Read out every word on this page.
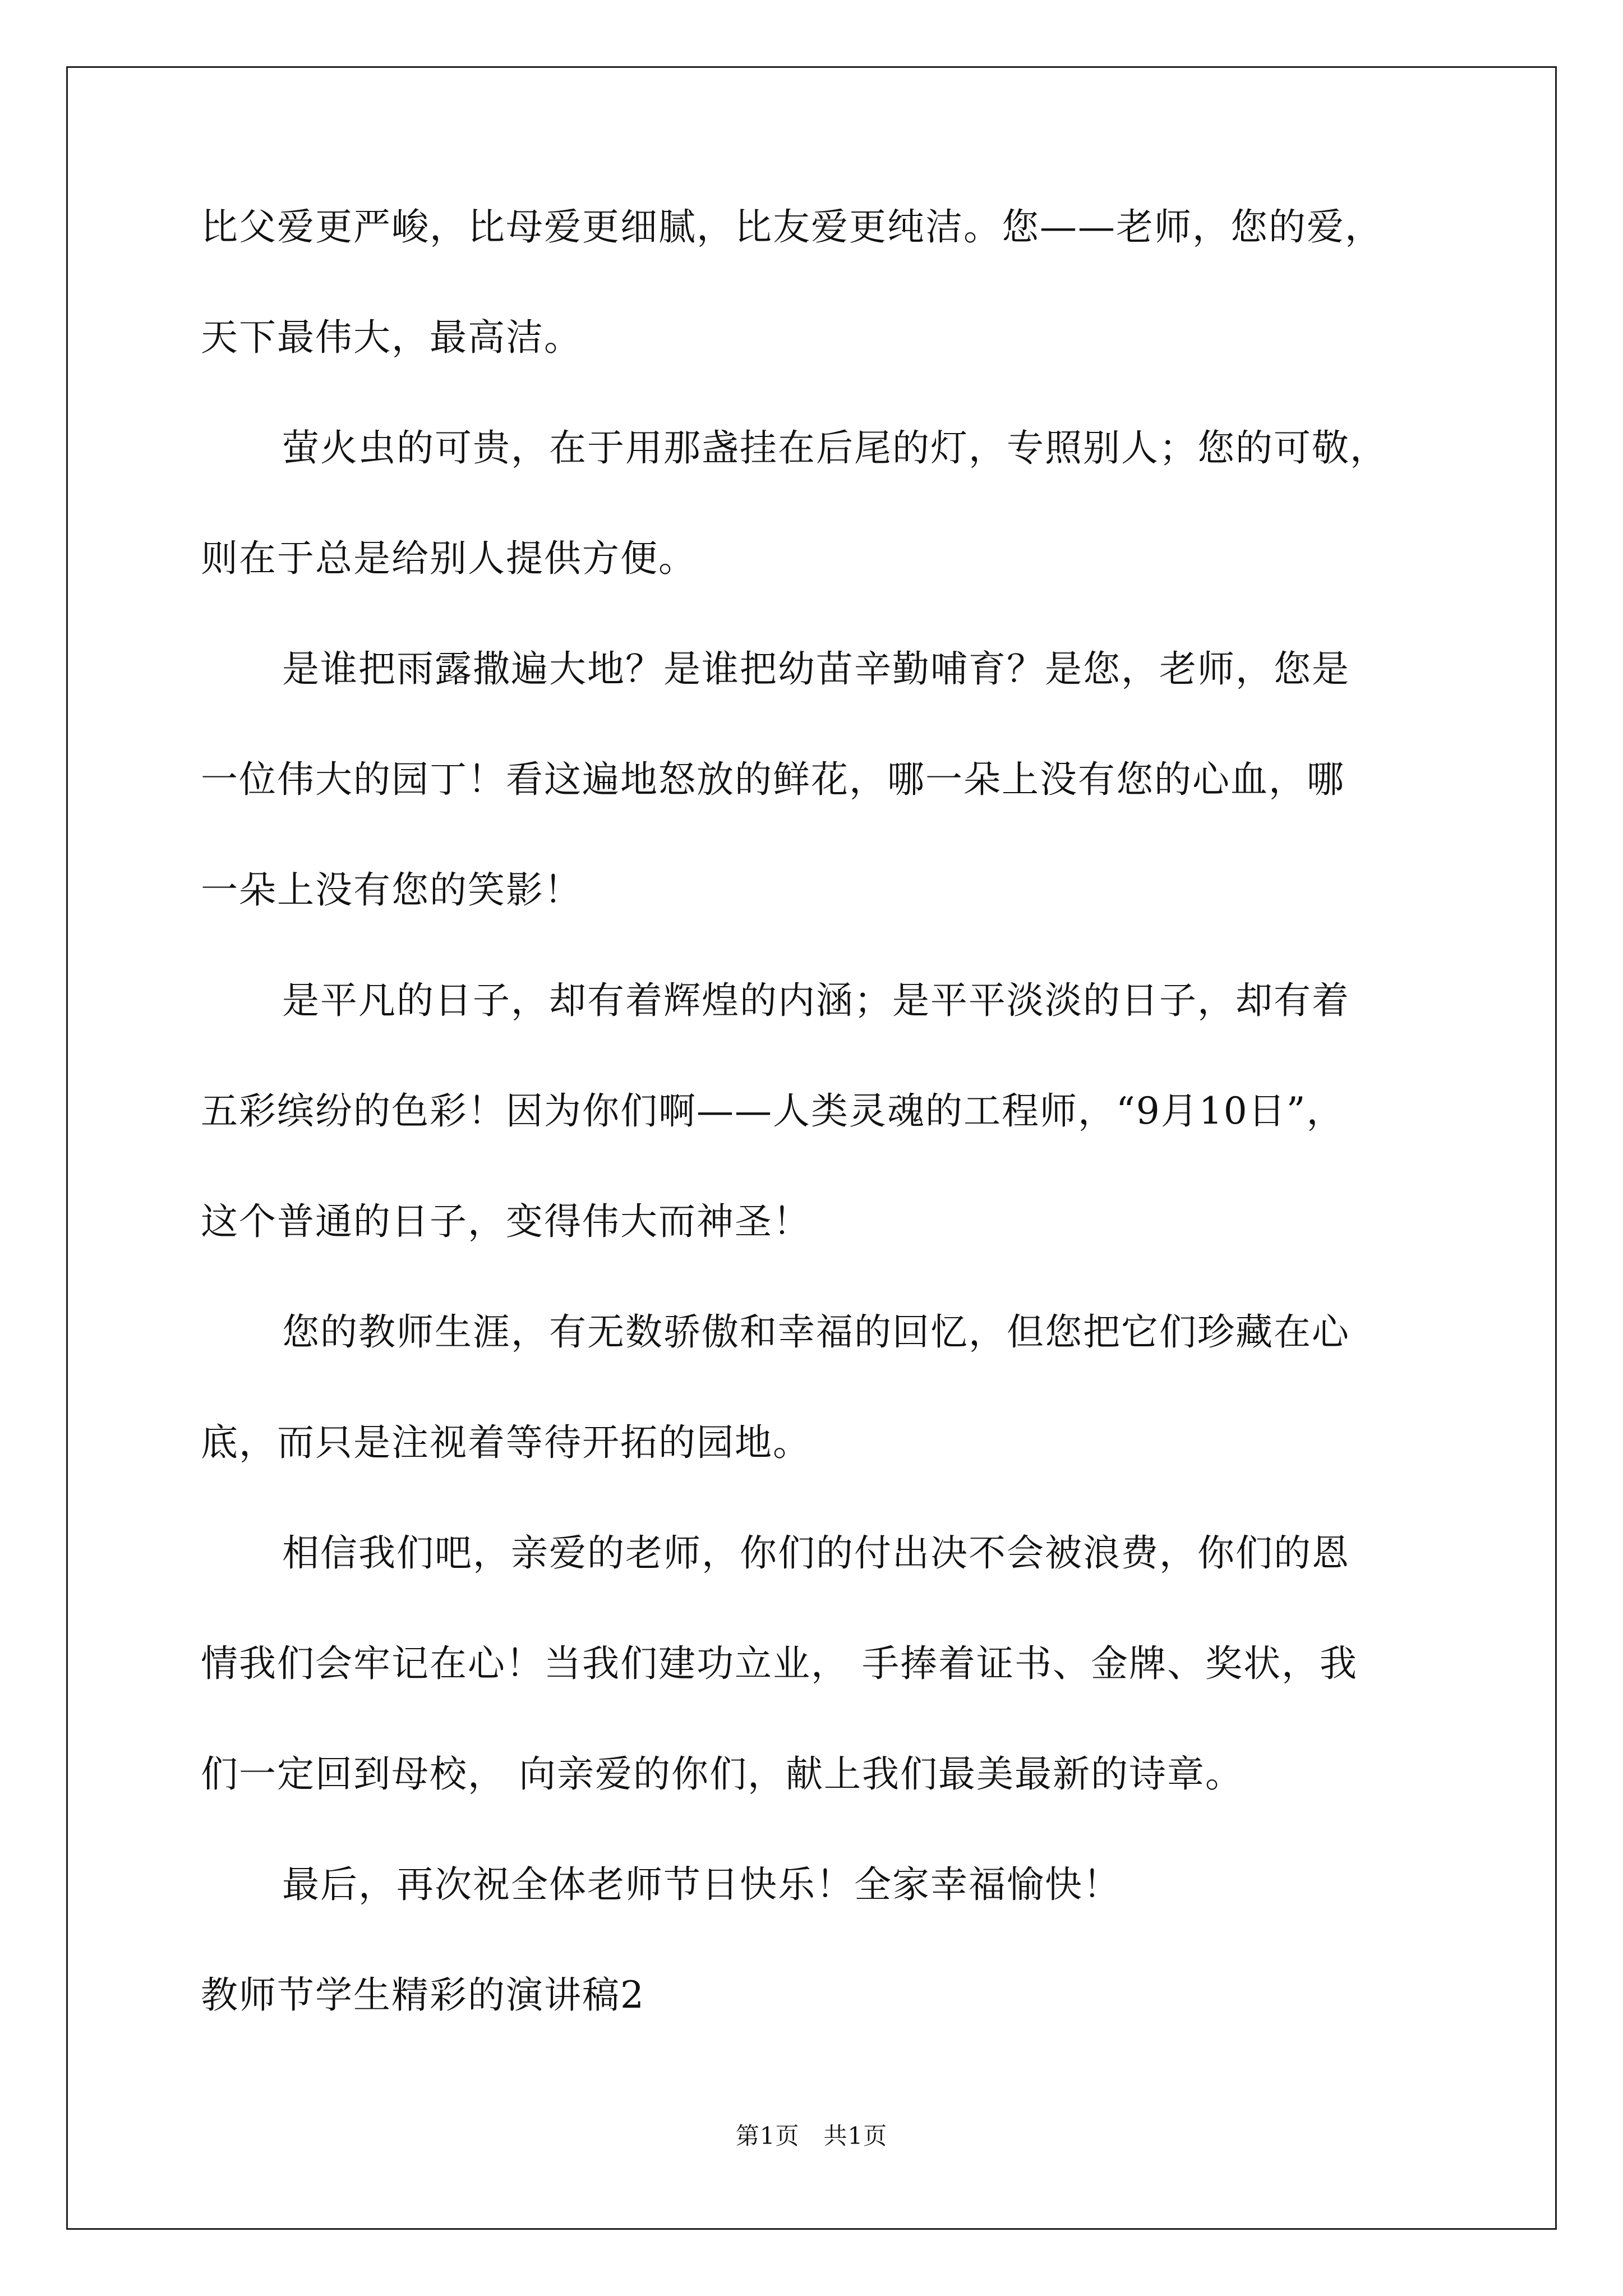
比父爱更严峻，比母爱更细腻，比友爱更纯洁。您——老师，您的爱，

天下最伟大，最高洁。

萤火虫的可贵，在于用那盏挂在后尾的灯，专照别人；您的可敬，

则在于总是给别人提供方便。

是谁把雨露撒遍大地？是谁把幼苗辛勤哺育？是您，老师，您是

一位伟大的园丁！看这遍地怒放的鲜花，哪一朵上没有您的心血，哪

一朵上没有您的笑影！

是平凡的日子，却有着辉煌的内涵；是平平淡淡的日子，却有着

五彩缤纷的色彩！因为你们啊——人类灵魂的工程师，“9月10日”，

这个普通的日子，变得伟大而神圣！

您的教师生涯，有无数骄傲和幸福的回忆，但您把它们珍藏在心

底，而只是注视着等待开拓的园地。

相信我们吧，亲爱的老师，你们的付出决不会被浪费，你们的恩

情我们会牢记在心！当我们建功立业， 手捧着证书、金牌、奖状，我

们一定回到母校， 向亲爱的你们，献上我们最美最新的诗章。

最后，再次祝全体老师节日快乐！全家幸福愉快！

教师节学生精彩的演讲稿2

第1页　共1页
